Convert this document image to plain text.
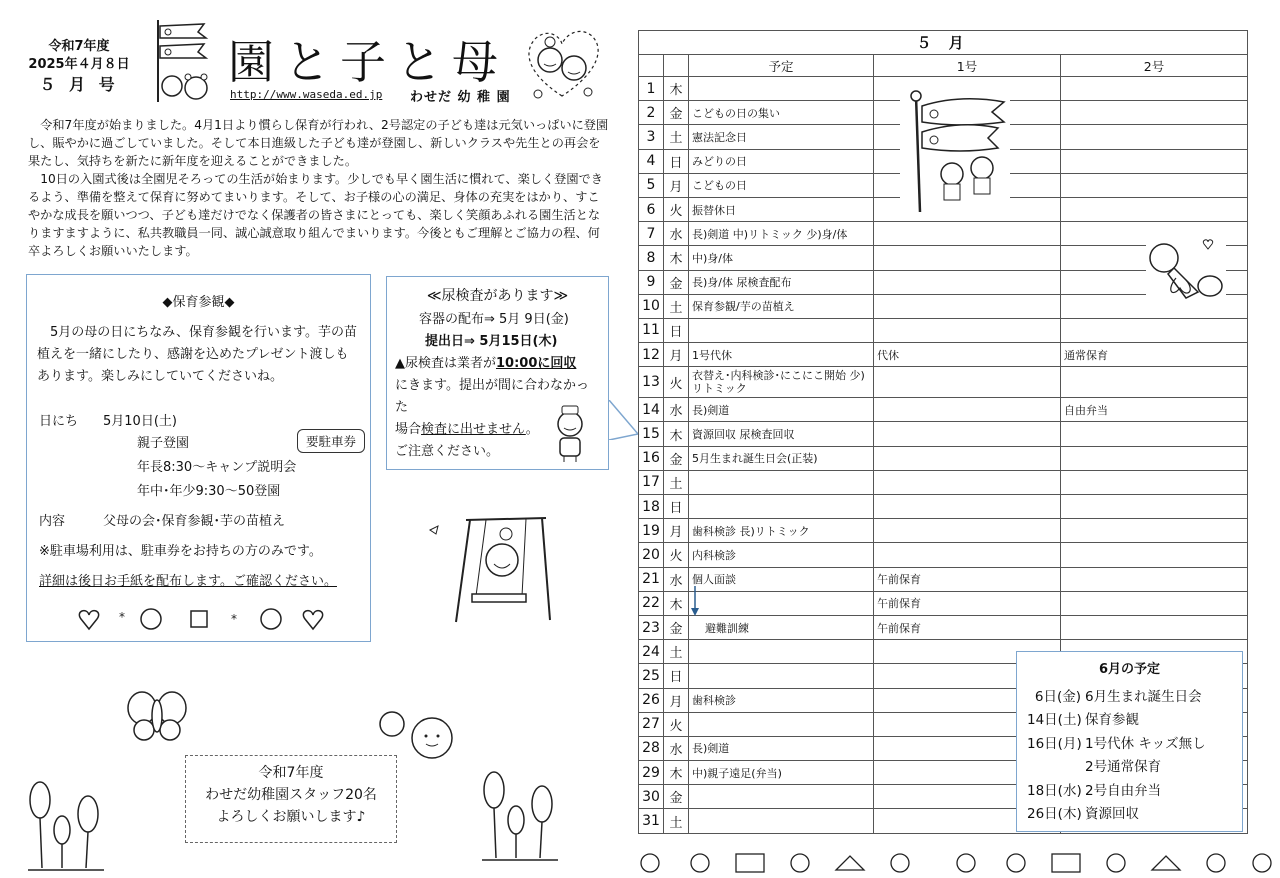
令和7年度
2025年４月８日
５ 月 号	園と子と母
http://www.waseda.ed.jp わせだ 幼 稚 園

令和7年度が始まりました。4月1日より慣らし保育が行われ、2号認定の子ども達は元気いっぱいに登園し、賑やかに過ごしていました。そして本日進級した子ども達が登園し、新しいクラスや先生との再会を果たし、気持ちを新たに新年度を迎えることができました。

10日の入園式後は全園児そろっての生活が始まります。少しでも早く園生活に慣れて、楽しく登園できるよう、準備を整えて保育に努めてまいります。そして、お子様の心の満足、身体の充実をはかり、すこやかな成長を願いつつ、子ども達だけでなく保護者の皆さまにとっても、楽しく笑顔あふれる園生活となりますますように、私共教職員一同、誠心誠意取り組んでまいります。今後ともご理解とご協力の程、何卒よろしくお願いいたします。

◆保育参観◆
5月の母の日にちなみ、保育参観を行います。芋の苗植えを一緒にしたり、感謝を込めたプレゼント渡しもあります。楽しみにしていてくださいね。
日にち 5月10日(土)
親子登園	要駐車券
年長8:30～キャンプ説明会
年中･年少9:30～50登園
内容	父母の会･保育参観･芋の苗植え
※駐車場利用は、駐車券をお持ちの方のみです。
詳細は後日お手紙を配布します。ご確認ください。
*	*
≪尿検査があります≫
容器の配布⇒ 5月 9日(金)
提出日⇒ 5月15日(木)
▲尿検査は業者が10:00に回収
にきます。提出が間に合わなかった
場合検査に出せません。
ご注意ください。
令和7年度
わせだ幼稚園スタッフ20名
よろしくお願いします♪
５ 月				
		予定	1号	2号
1	木			
2	金	こどもの日の集い		
3	土	憲法記念日		
4	日	みどりの日		
5	月	こどもの日		
6	火	振替休日		
7	水	長)剣道 中)リトミック 少)身/体		
8	木	中)身/体		
9	金	長)身/体 尿検査配布		
10	土	保育参観/芋の苗植え		
11	日			
12	月	1号代休	代休	通常保育
13	火	衣替え･内科検診･にこにこ開始 少)リトミック		
14	水	長)剣道		自由弁当
15	木	資源回収 尿検査回収		
16	金	5月生まれ誕生日会(正装)		
17	土			
18	日			
19	月	歯科検診 長)リトミック		
20	火	内科検診		
21	水	個人面談	午前保育	
22	木		午前保育	
23	金	避難訓練	午前保育	
24	土			
25	日			
26	月	歯科検診		
27	火			
28	水	長)剣道		
29	木	中)親子遠足(弁当)		
30	金			
31	土			
6月の予定
6日(金) 6月生まれ誕生日会
14日(土) 保育参観
16日(月) 1号代休 キッズ無し
2号通常保育
18日(水) 2号自由弁当
26日(木) 資源回収
